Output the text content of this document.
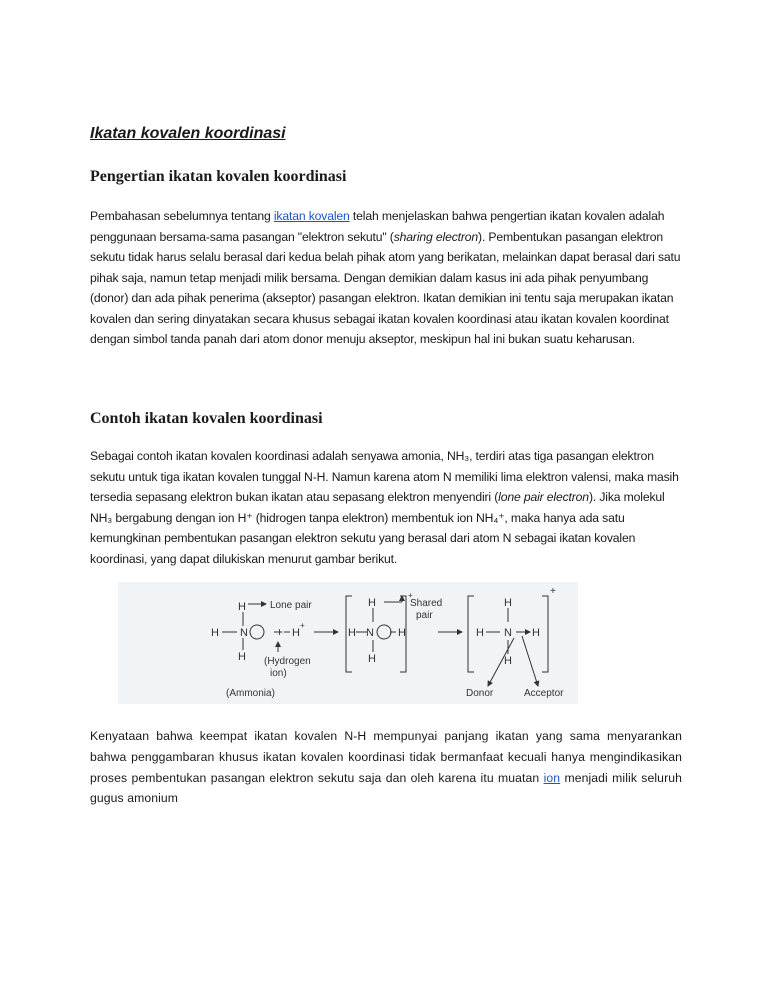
Ikatan kovalen koordinasi
Pengertian ikatan kovalen koordinasi

Pembahasan sebelumnya tentang ikatan kovalen telah menjelaskan bahwa pengertian ikatan kovalen adalah penggunaan bersama-sama pasangan "elektron sekutu" (sharing electron). Pembentukan pasangan elektron sekutu tidak harus selalu berasal dari kedua belah pihak atom yang berikatan, melainkan dapat berasal dari satu pihak saja, namun tetap menjadi milik bersama. Dengan demikian dalam kasus ini ada pihak penyumbang (donor) dan ada pihak penerima (akseptor) pasangan elektron. Ikatan demikian ini tentu saja merupakan ikatan kovalen dan sering dinyatakan secara khusus sebagai ikatan kovalen koordinasi atau ikatan kovalen koordinat dengan simbol tanda panah dari atom donor menuju akseptor, meskipun hal ini bukan suatu keharusan.

Contoh ikatan kovalen koordinasi

Sebagai contoh ikatan kovalen koordinasi adalah senyawa amonia, NH₃, terdiri atas tiga pasangan elektron sekutu untuk tiga ikatan kovalen tunggal N-H. Namun karena atom N memiliki lima elektron valensi, maka masih tersedia sepasang elektron bukan ikatan atau sepasang elektron menyendiri (lone pair electron). Jika molekul NH₃ bergabung dengan ion H⁺ (hidrogen tanpa elektron) membentuk ion NH₄⁺, maka hanya ada satu kemungkinan pembentukan pasangan elektron sekutu yang berasal dari atom N sebagai ikatan kovalen koordinasi, yang dapat dilukiskan menurut gambar berikut.

Kenyataan bahwa keempat ikatan kovalen N-H mempunyai panjang ikatan yang sama menyarankan bahwa penggambaran khusus ikatan kovalen koordinasi tidak bermanfaat kecuali hanya mengindikasikan proses pembentukan pasangan elektron sekutu saja dan oleh karena itu muatan ion menjadi milik seluruh gugus amonium

H
H
H
N
Lone pair
+ H
+
(Hydrogen
ion)
(Ammonia)
H
H
H
N H
+
Shared
pair
H
H N H
H
+
Donor	Acceptor
